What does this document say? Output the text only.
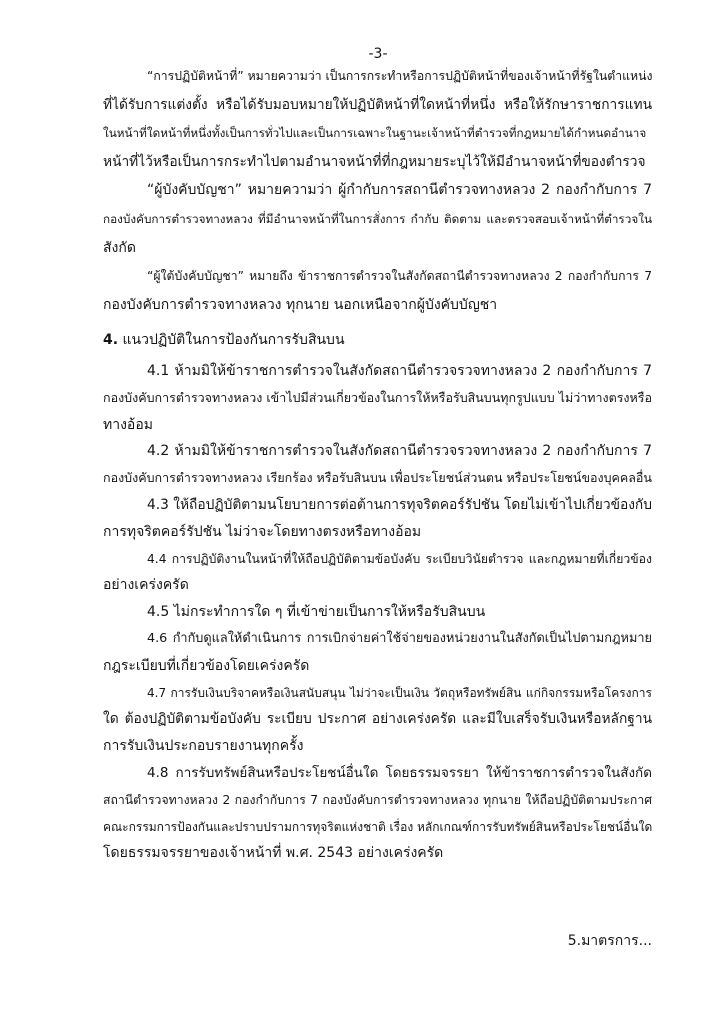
-3-
“การปฏิบัติหน้าที่” หมายความว่า เป็นการกระทำหรือการปฏิบัติหน้าที่ของเจ้าหน้าที่รัฐในตำแหน่ง
ที่ได้รับการแต่งตั้ง หรือได้รับมอบหมายให้ปฏิบัติหน้าที่ใดหน้าที่หนึ่ง หรือให้รักษาราชการแทน
ในหน้าที่ใดหน้าที่หนึ่งทั้งเป็นการทั่วไปและเป็นการเฉพาะในฐานะเจ้าหน้าที่ตำรวจที่กฎหมายได้กำหนดอำนาจ
หน้าที่ไว้หรือเป็นการกระทำไปตามอำนาจหน้าที่ที่กฎหมายระบุไว้ให้มีอำนาจหน้าที่ของตำรวจ
“ผู้บังคับบัญชา” หมายความว่า ผู้กำกับการสถานีตำรวจทางหลวง 2 กองกำกับการ 7
กองบังคับการตำรวจทางหลวง ที่มีอำนาจหน้าที่ในการสั่งการ กำกับ ติดตาม และตรวจสอบเจ้าหน้าที่ตำรวจใน
สังกัด
“ผู้ใต้บังคับบัญชา” หมายถึง ข้าราชการตำรวจในสังกัดสถานีตำรวจทางหลวง 2 กองกำกับการ 7
กองบังคับการตำรวจทางหลวง ทุกนาย นอกเหนือจากผู้บังคับบัญชา
4. แนวปฏิบัติในการป้องกันการรับสินบน
4.1 ห้ามมิให้ข้าราชการตำรวจในสังกัดสถานีตำรวจรวจทางหลวง 2 กองกำกับการ 7
กองบังคับการตำรวจทางหลวง เข้าไปมีส่วนเกี่ยวข้องในการให้หรือรับสินบนทุกรูปแบบ ไม่ว่าทางตรงหรือ
ทางอ้อม
4.2 ห้ามมิให้ข้าราชการตำรวจในสังกัดสถานีตำรวจรวจทางหลวง 2 กองกำกับการ 7
กองบังคับการตำรวจทางหลวง เรียกร้อง หรือรับสินบน เพื่อประโยชน์ส่วนตน หรือประโยชน์ของบุคคลอื่น
4.3 ให้ถือปฏิบัติตามนโยบายการต่อต้านการทุจริตคอร์รัปชัน โดยไม่เข้าไปเกี่ยวข้องกับ
การทุจริตคอร์รัปชัน ไม่ว่าจะโดยทางตรงหรือทางอ้อม
4.4 การปฏิบัติงานในหน้าที่ให้ถือปฏิบัติตามข้อบังคับ ระเบียบวินัยตำรวจ และกฎหมายที่เกี่ยวข้อง
อย่างเคร่งครัด
4.5 ไม่กระทำการใด ๆ ที่เข้าข่ายเป็นการให้หรือรับสินบน
4.6 กำกับดูแลให้ดำเนินการ การเบิกจ่ายค่าใช้จ่ายของหน่วยงานในสังกัดเป็นไปตามกฎหมาย
กฎระเบียบที่เกี่ยวข้องโดยเคร่งครัด
4.7 การรับเงินบริจาคหรือเงินสนับสนุน ไม่ว่าจะเป็นเงิน วัตถุหรือทรัพย์สิน แก่กิจกรรมหรือโครงการ
ใด ต้องปฏิบัติตามข้อบังคับ ระเบียบ ประกาศ อย่างเคร่งครัด และมีใบเสร็จรับเงินหรือหลักฐาน
การรับเงินประกอบรายงานทุกครั้ง
4.8 การรับทรัพย์สินหรือประโยชน์อื่นใด โดยธรรมจรรยา ให้ข้าราชการตำรวจในสังกัด
สถานีตำรวจทางหลวง 2 กองกำกับการ 7 กองบังคับการตำรวจทางหลวง ทุกนาย ให้ถือปฏิบัติตามประกาศ
คณะกรรมการป้องกันและปราบปรามการทุจริตแห่งชาติ เรื่อง หลักเกณฑ์การรับทรัพย์สินหรือประโยชน์อื่นใด
โดยธรรมจรรยาของเจ้าหน้าที่ พ.ศ. 2543 อย่างเคร่งครัด
5.มาตรการ...
